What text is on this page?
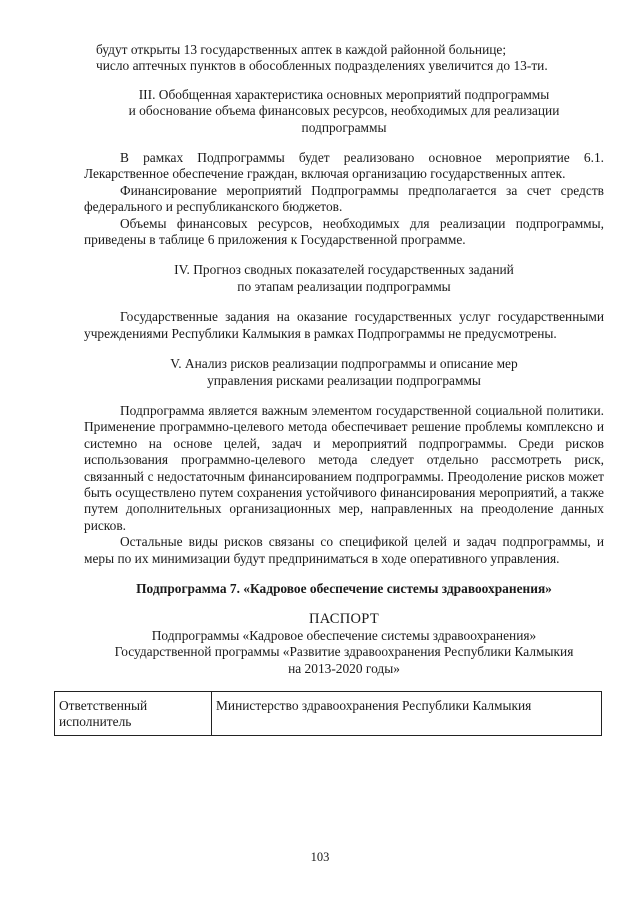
будут открыты 13 государственных аптек в каждой районной больнице;

число аптечных пунктов в обособленных подразделениях увеличится до 13-ти.

III. Обобщенная характеристика основных мероприятий подпрограммы

и обоснование объема финансовых ресурсов, необходимых для реализации

подпрограммы

В рамках Подпрограммы будет реализовано основное мероприятие 6.1. Лекарственное обеспечение граждан, включая организацию государственных аптек.

Финансирование мероприятий Подпрограммы предполагается за счет средств федерального и республиканского бюджетов.

Объемы финансовых ресурсов, необходимых для реализации подпрограммы, приведены в таблице 6 приложения к Государственной программе.

IV. Прогноз сводных показателей государственных заданий

по этапам реализации подпрограммы

Государственные задания на оказание государственных услуг государственными учреждениями Республики Калмыкия в рамках Подпрограммы не предусмотрены.

V. Анализ рисков реализации подпрограммы и описание мер

управления рисками реализации подпрограммы

Подпрограмма является важным элементом государственной социальной политики. Применение программно-целевого метода обеспечивает решение проблемы комплексно и системно на основе целей, задач и мероприятий подпрограммы. Среди рисков использования программно-целевого метода следует отдельно рассмотреть риск, связанный с недостаточным финансированием подпрограммы. Преодоление рисков может быть осуществлено путем сохранения устойчивого финансирования мероприятий, а также путем дополнительных организационных мер, направленных на преодоление данных рисков.

Остальные виды рисков связаны со спецификой целей и задач подпрограммы, и меры по их минимизации будут предприниматься в ходе оперативного управления.

Подпрограмма 7. «Кадровое обеспечение системы здравоохранения»

ПАСПОРТ

Подпрограммы «Кадровое обеспечение системы здравоохранения»

Государственной программы «Развитие здравоохранения Республики Калмыкия

на 2013-2020 годы»

Ответственный исполнитель	Министерство здравоохранения Республики Калмыкия
103
